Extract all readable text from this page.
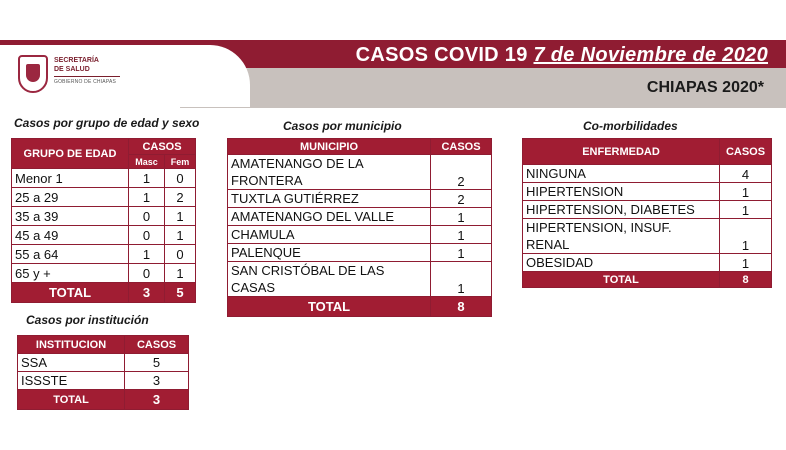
CASOS COVID 19 7 de Noviembre de 2020
CHIAPAS 2020*
SECRETARÍA
DE SALUD
GOBIERNO DE CHIAPAS
Casos por grupo de edad y sexo
GRUPO DE EDAD	CASOS	
	Masc	Fem
Menor 1	1	0
25 a 29	1	2
35 a 39	0	1
45 a 49	0	1
55 a 64	1	0
65 y +	0	1
TOTAL	3	5
Casos por institución
INSTITUCION	CASOS
SSA	5
ISSSTE	3
TOTAL	3
Casos por municipio
MUNICIPIO	CASOS
AMATENANGO DE LA FRONTERA	2
TUXTLA GUTIÉRREZ	2
AMATENANGO DEL VALLE	1
CHAMULA	1
PALENQUE	1
SAN CRISTÓBAL DE LAS CASAS	1
TOTAL	8
Co-morbilidades
ENFERMEDAD	CASOS
NINGUNA	4
HIPERTENSION	1
HIPERTENSION, DIABETES	1
HIPERTENSION, INSUF. RENAL	1
OBESIDAD	1
TOTAL	8
